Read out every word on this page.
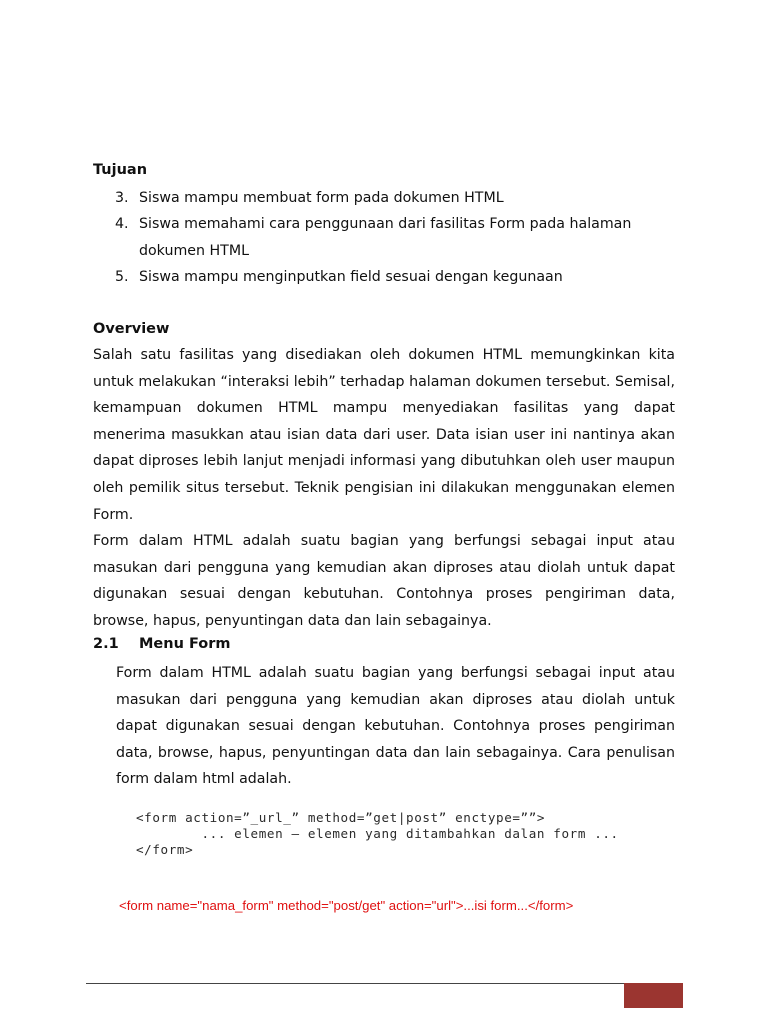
Tujuan
3. Siswa mampu membuat form pada dokumen HTML
4. Siswa memahami cara penggunaan dari fasilitas Form pada halaman dokumen HTML
5. Siswa mampu menginputkan field sesuai dengan kegunaan
Overview

Salah satu fasilitas yang disediakan oleh dokumen HTML memungkinkan kita untuk melakukan “interaksi lebih” terhadap halaman dokumen tersebut. Semisal, kemampuan dokumen HTML mampu menyediakan fasilitas yang dapat menerima masukkan atau isian data dari user. Data isian user ini nantinya akan dapat diproses lebih lanjut menjadi informasi yang dibutuhkan oleh user maupun oleh pemilik situs tersebut. Teknik pengisian ini dilakukan menggunakan elemen Form.

Form dalam HTML adalah suatu bagian yang berfungsi sebagai input atau masukan dari pengguna yang kemudian akan diproses atau diolah untuk dapat digunakan sesuai dengan kebutuhan. Contohnya proses pengiriman data, browse, hapus, penyuntingan data dan lain sebagainya.

2.1 Menu Form

Form dalam HTML adalah suatu bagian yang berfungsi sebagai input atau masukan dari pengguna yang kemudian akan diproses atau diolah untuk dapat digunakan sesuai dengan kebutuhan. Contohnya proses pengiriman data, browse, hapus, penyuntingan data dan lain sebagainya. Cara penulisan form dalam html adalah.

<form action=”_url_” method=”get|post” enctype=””>
... elemen – elemen yang ditambahkan dalan form ...
</form>
<form name="nama_form" method="post/get" action="url">...isi form...</form>
